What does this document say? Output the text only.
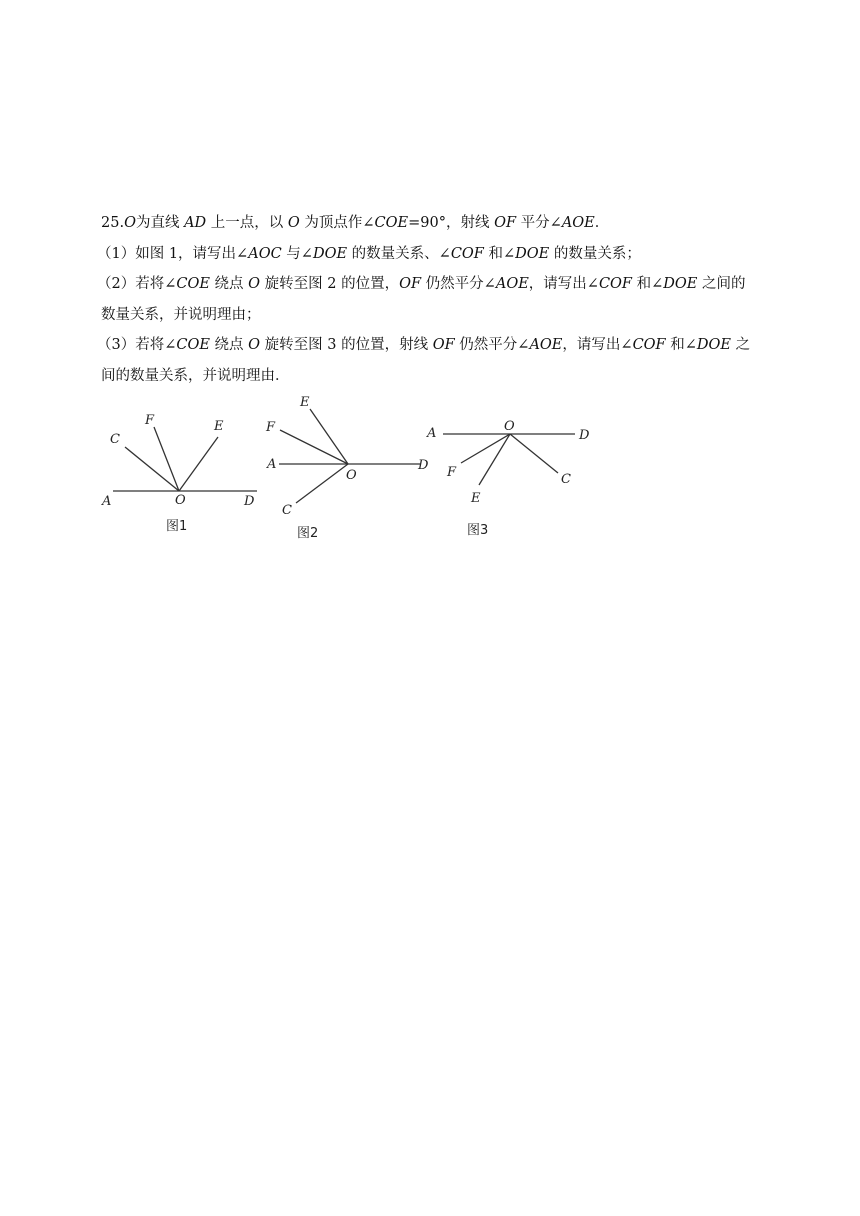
25.O为直线 AD 上一点，以 O 为顶点作∠COE=90°，射线 OF 平分∠AOE．

（1）如图 1，请写出∠AOC 与∠DOE 的数量关系、∠COF 和∠DOE 的数量关系；

（2）若将∠COE 绕点 O 旋转至图 2 的位置，OF 仍然平分∠AOE，请写出∠COF 和∠DOE 之间的

数量关系，并说明理由；

（3）若将∠COE 绕点 O 旋转至图 3 的位置，射线 OF 仍然平分∠AOE，请写出∠COF 和∠DOE 之

间的数量关系，并说明理由．

A	O	D
C
F	E
图1
E
F
A
O
D
C
图2
A	O
D
F
E
C
图3
